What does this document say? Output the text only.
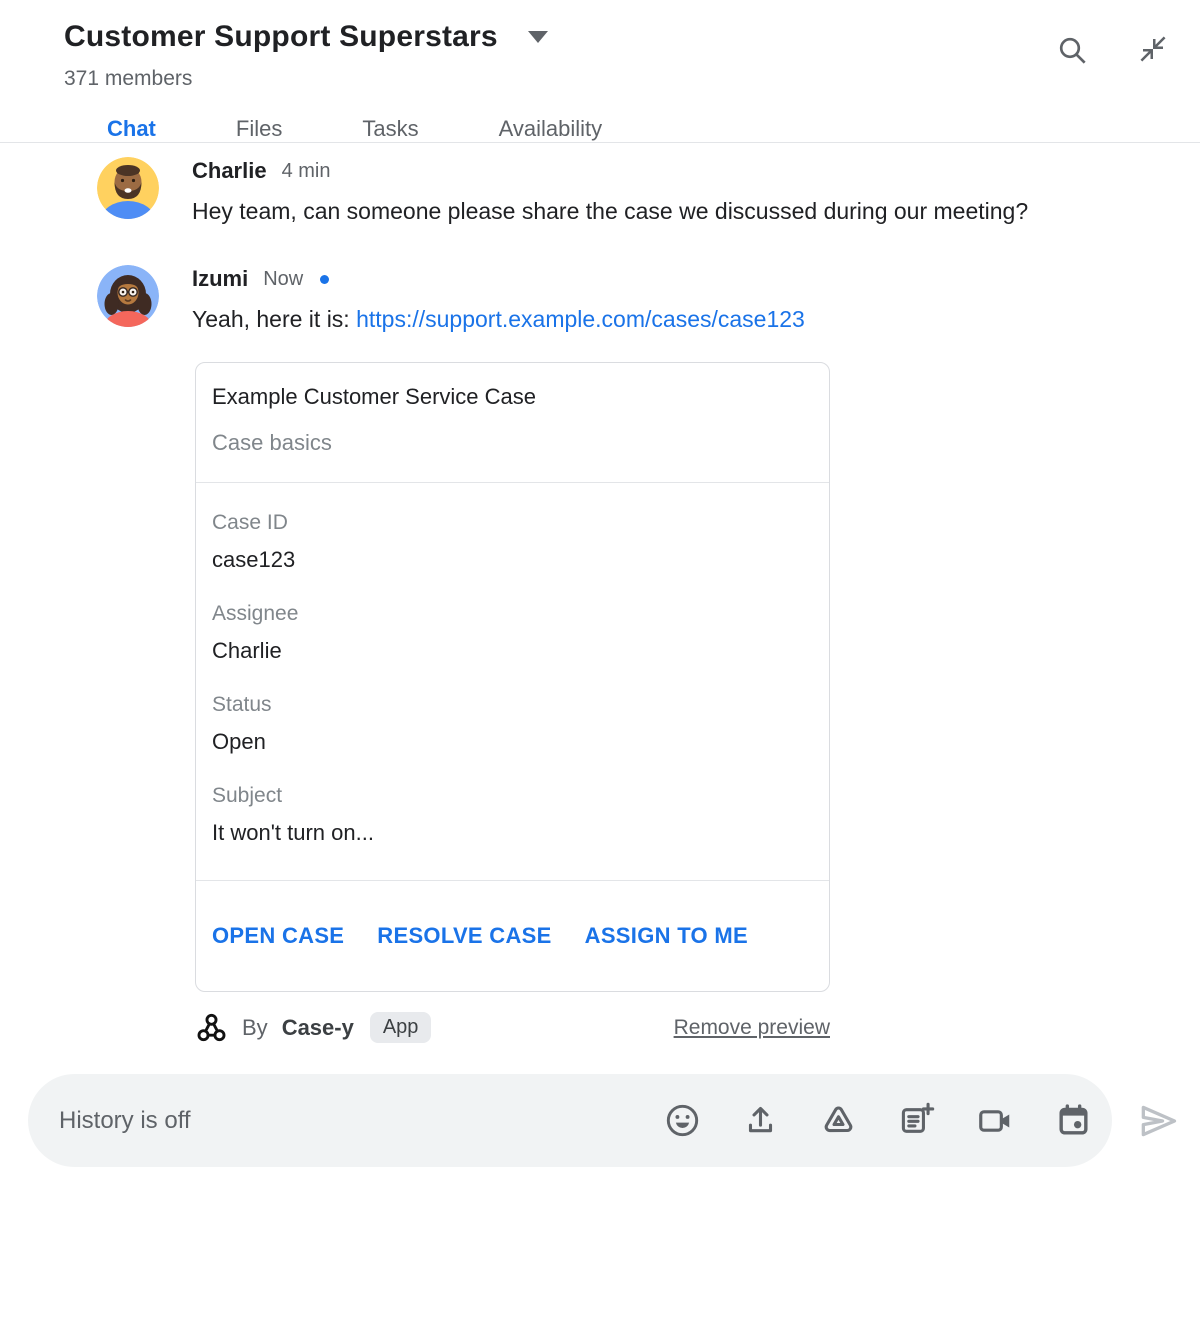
Customer Support Superstars
371 members
Chat	Files	Tasks	Availability
Charlie 4 min
Hey team, can someone please share the case we discussed during our meeting?
Izumi Now
Yeah, here it is: https://support.example.com/cases/case123
Example Customer Service Case
Case basics
Case ID
case123
Assignee
Charlie
Status
Open
Subject
It won't turn on...
OPEN CASE RESOLVE CASE ASSIGN TO ME
By Case-y	App	Remove preview
History is off
